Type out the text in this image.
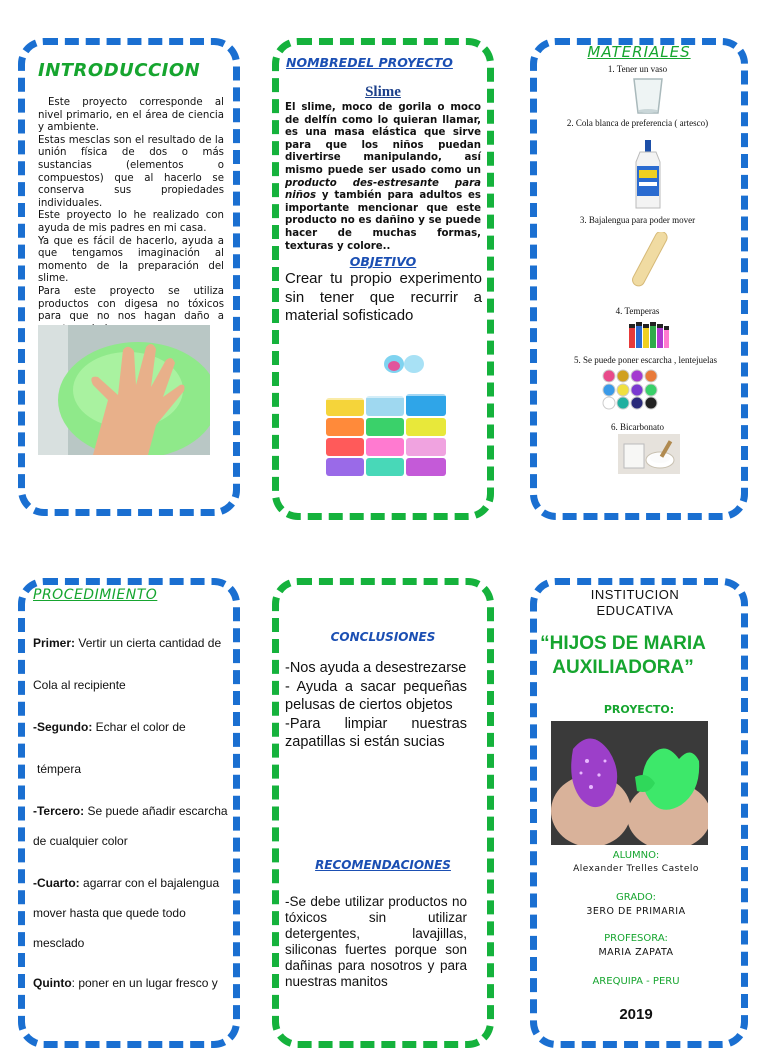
INTRODUCCION
Este proyecto corresponde al nivel primario, en el área de ciencia y ambiente.
Estas mesclas son el resultado de la unión física de dos o más sustancias (elementos o compuestos) que al hacerlo se conserva sus propiedades individuales.
Este proyecto lo he realizado con ayuda de mis padres en mi casa.
Ya que es fácil de hacerlo, ayuda a que tengamos imaginación al momento de la preparación del slime.
Para este proyecto se utiliza productos con digesa no tóxicos para que no nos hagan daño a
NOMBREDEL PROYECTO
Slime
El slime, moco de gorila o moco de delfín como lo quieran llamar, es una masa elástica que sirve para que los niños puedan divertirse manipulando, así mismo puede ser usado como un producto des-estresante para niños y también para adultos es importante mencionar que este producto no es dañino y se puede hacer de muchas formas, texturas y colore..
OBJETIVO
Crear tu propio experimento sin tener que recurrir a material sofisticado
MATERIALES
1. Tener un vaso
2. Cola blanca de preferencia ( artesco)
3. Bajalengua para poder mover
4. Temperas
5. Se puede poner escarcha , lentejuelas
6. Bicarbonato
PROCEDIMIENTO
Primer: Vertir un cierta cantidad de
Cola al recipiente
-Segundo: Echar el color de
témpera
-Tercero: Se puede añadir escarcha
de cualquier color
-Cuarto: agarrar con el bajalengua
mover hasta que quede todo
mesclado
Quinto: poner en un lugar fresco y
CONCLUSIONES
-Nos ayuda a desestrezarse
- Ayuda a sacar pequeñas pelusas de ciertos objetos
-Para limpiar nuestras zapatillas si están sucias
RECOMENDACIONES
-Se debe utilizar productos no tóxicos sin utilizar detergentes, lavajillas, siliconas fuertes porque son dañinas para nosotros y para nuestras manitos
INSTITUCION EDUCATIVA
“HIJOS DE MARIA AUXILIADORA”
PROYECTO:
ALUMNO:
Alexander Trelles Castelo
GRADO:
3ERO DE PRIMARIA
PROFESORA:
MARIA ZAPATA
AREQUIPA - PERU
2019
